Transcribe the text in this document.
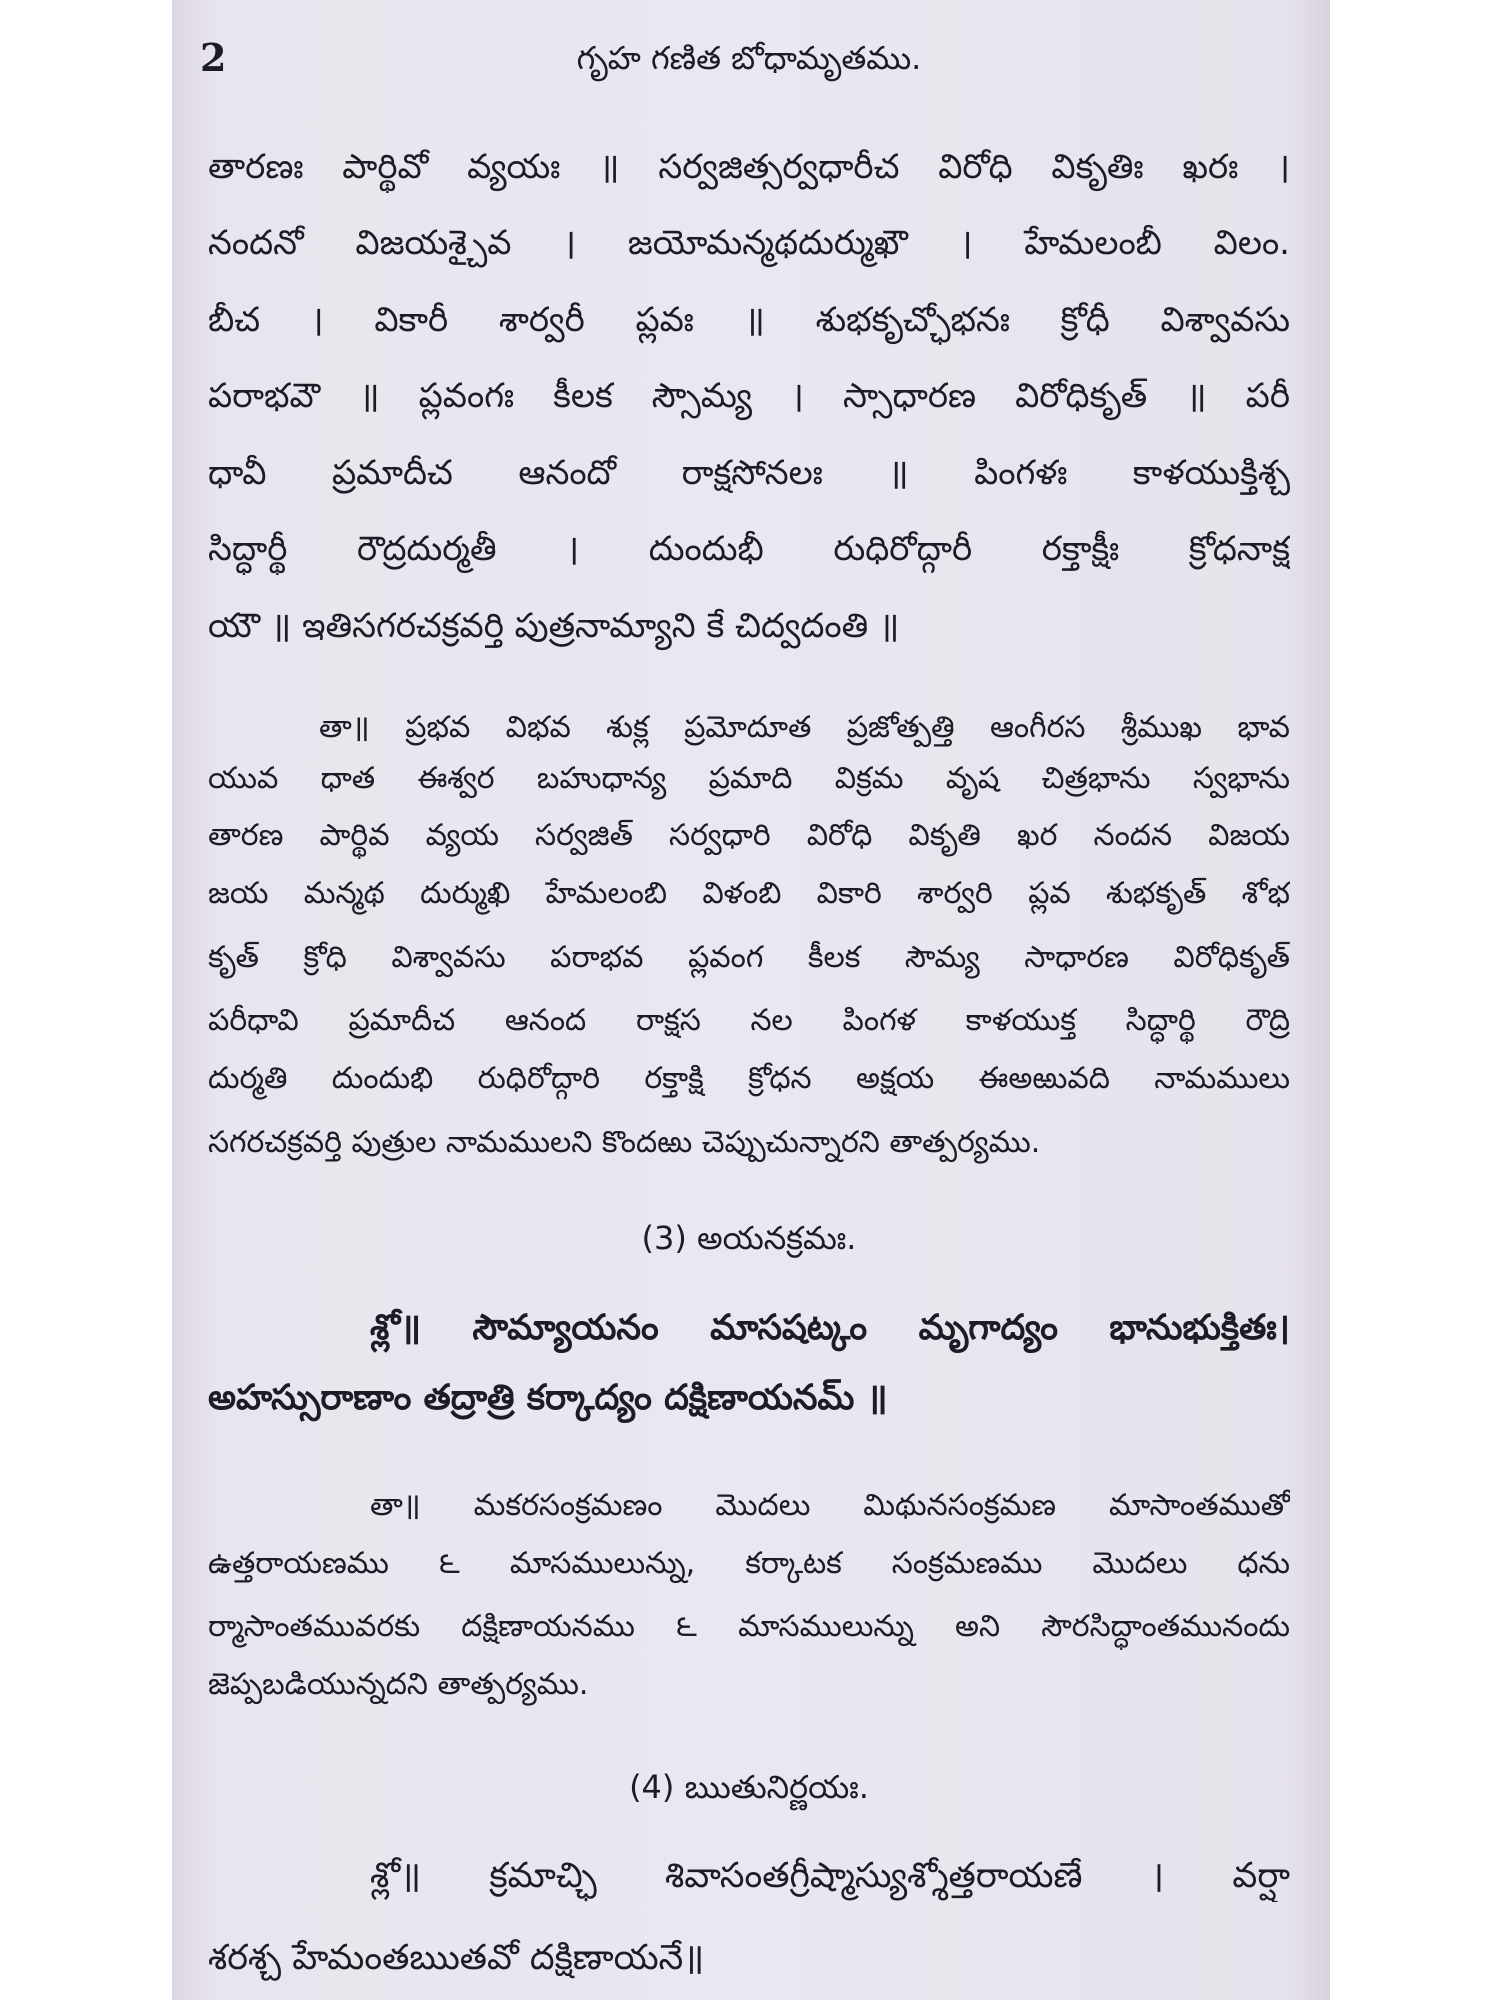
2	గృహ గణిత బోధామృతము.
తారణః పార్థివో వ్యయః ॥ సర్వజిత్సర్వధారీచ విరోధి వికృతిః ఖరః ।
నందనో విజయశ్చైవ । జయోమన్మథదుర్ముఖౌ । హేమలంబీ విలం.
బీచ । వికారీ శార్వరీ ప్లవః ॥ శుభకృచ్ఛోభనః క్రోధీ విశ్వావసు
పరాభవౌ ॥ ప్లవంగః కీలక స్సౌమ్య । స్సాధారణ విరోధికృత్ ॥ పరీ
ధావీ ప్రమాదీచ ఆనందో రాక్షసోనలః ॥ పింగళః కాళయుక్తిశ్చ
సిద్ధార్థీ రౌద్రదుర్మతీ । దుందుభీ రుధిరోద్గారీ రక్తాక్షీః క్రోధనాక్ష
యౌ ॥ ఇతిసగరచక్రవర్తి పుత్రనామ్యాని కే చిద్వదంతి ॥
తా॥ ప్రభవ విభవ శుక్ల ప్రమోదూత ప్రజోత్పత్తి ఆంగీరస శ్రీముఖ భావ
యువ ధాత ఈశ్వర బహుధాన్య ప్రమాది విక్రమ వృష చిత్రభాను స్వభాను
తారణ పార్థివ వ్యయ సర్వజిత్ సర్వధారి విరోధి వికృతి ఖర నందన విజయ
జయ మన్మథ దుర్ముఖి హేమలంబి విళంబి వికారి శార్వరి ప్లవ శుభకృత్ శోభ
కృత్ క్రోధి విశ్వావసు పరాభవ ప్లవంగ కీలక సౌమ్య సాధారణ విరోధికృత్
పరీధావి ప్రమాదీచ ఆనంద రాక్షస నల పింగళ కాళయుక్త సిద్ధార్థి రౌద్రి
దుర్మతి దుందుభి రుధిరోద్గారి రక్తాక్షి క్రోధన అక్షయ ఈఅఱువది నామములు
సగరచక్రవర్తి పుత్రుల నామములని కొందఱు చెప్పుచున్నారని తాత్పర్యము.
(3) అయనక్రమః.
శ్లో॥ సౌమ్యాయనం మాసషట్కం మృగాద్యం భానుభుక్తితః।
అహస్సురాణాం తద్రాత్రి కర్కాద్యం దక్షిణాయనమ్ ॥
తా॥ మకరసంక్రమణం మొదలు మిథునసంక్రమణ మాసాంతముతో
ఉత్తరాయణము ౬ మాసములున్ను, కర్కాటక సంక్రమణము మొదలు ధను
ర్మాసాంతమువరకు దక్షిణాయనము ౬ మాసములున్ను అని సౌరసిద్ధాంతమునందు
జెప్పబడియున్నదని తాత్పర్యము.
(4) ఋతునిర్ణయః.
శ్లో॥ క్రమాచ్ఛి శివాసంతగ్రీష్మాస్యుశ్శోత్తరాయణే । వర్షా
శరశ్చ హేమంతఋతవో దక్షిణాయనే॥
